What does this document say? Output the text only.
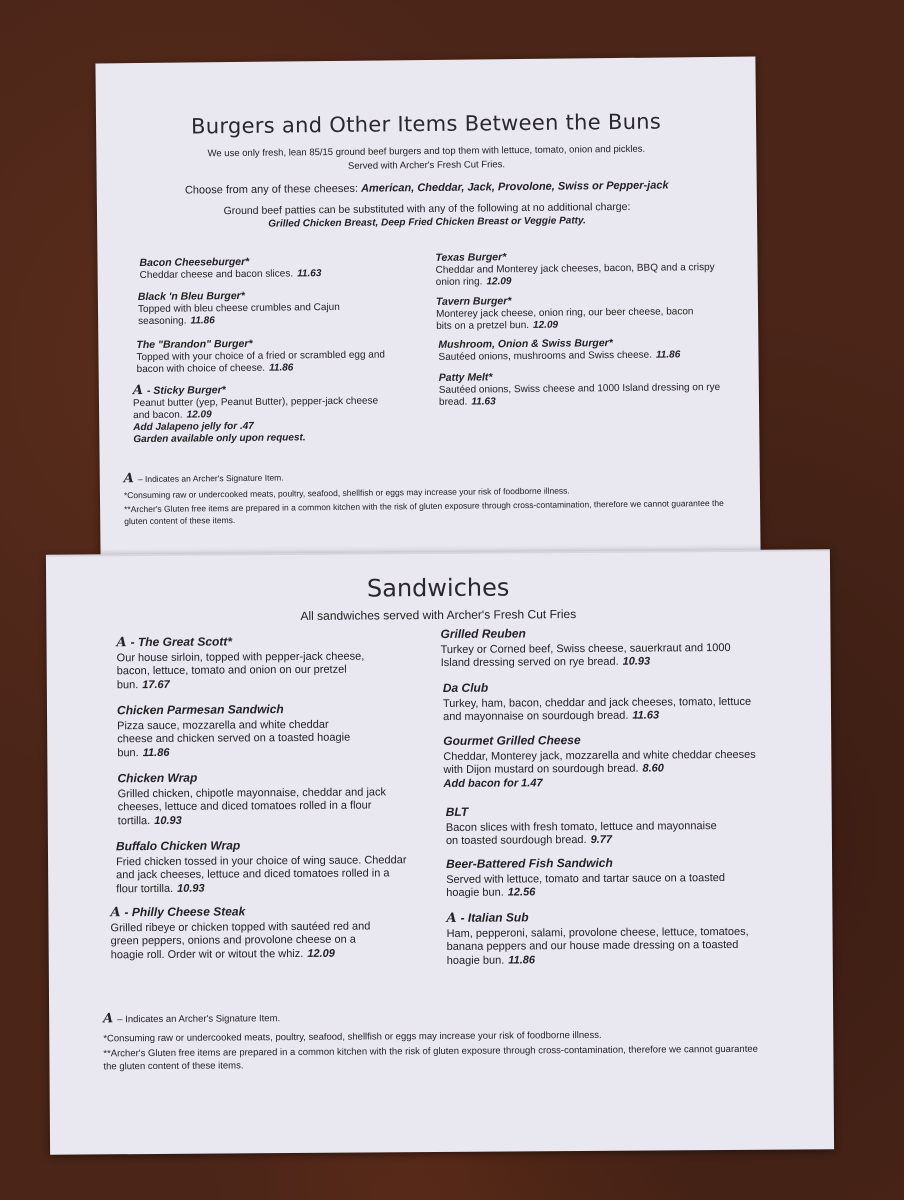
Burgers and Other Items Between the Buns
We use only fresh, lean 85/15 ground beef burgers and top them with lettuce, tomato, onion and pickles.
Served with Archer's Fresh Cut Fries.
Choose from any of these cheeses: American, Cheddar, Jack, Provolone, Swiss or Pepper-jack
Ground beef patties can be substituted with any of the following at no additional charge:
Grilled Chicken Breast, Deep Fried Chicken Breast or Veggie Patty.
Bacon Cheeseburger*
Cheddar cheese and bacon slices. 11.63
Black 'n Bleu Burger*
Topped with bleu cheese crumbles and Cajun seasoning. 11.86
The "Brandon" Burger*
Topped with your choice of a fried or scrambled egg and bacon with choice of cheese. 11.86
A - Sticky Burger*
Peanut butter (yep, Peanut Butter), pepper-jack cheese and bacon. 12.09
Add Jalapeno jelly for .47
Garden available only upon request.
Texas Burger*
Cheddar and Monterey jack cheeses, bacon, BBQ and a crispy onion ring. 12.09
Tavern Burger*
Monterey jack cheese, onion ring, our beer cheese, bacon bits on a pretzel bun. 12.09
Mushroom, Onion & Swiss Burger*
Sautéed onions, mushrooms and Swiss cheese. 11.86
Patty Melt*
Sautéed onions, Swiss cheese and 1000 Island dressing on rye bread. 11.63
A – Indicates an Archer's Signature Item.
*Consuming raw or undercooked meats, poultry, seafood, shellfish or eggs may increase your risk of foodborne illness.
**Archer's Gluten free items are prepared in a common kitchen with the risk of gluten exposure through cross-contamination, therefore we cannot guarantee the gluten content of these items.
Sandwiches
All sandwiches served with Archer's Fresh Cut Fries
A - The Great Scott*
Our house sirloin, topped with pepper-jack cheese, bacon, lettuce, tomato and onion on our pretzel bun. 17.67
Chicken Parmesan Sandwich
Pizza sauce, mozzarella and white cheddar cheese and chicken served on a toasted hoagie bun. 11.86
Chicken Wrap
Grilled chicken, chipotle mayonnaise, cheddar and jack cheeses, lettuce and diced tomatoes rolled in a flour tortilla. 10.93
Buffalo Chicken Wrap
Fried chicken tossed in your choice of wing sauce. Cheddar and jack cheeses, lettuce and diced tomatoes rolled in a flour tortilla. 10.93
A - Philly Cheese Steak
Grilled ribeye or chicken topped with sautéed red and green peppers, onions and provolone cheese on a hoagie roll. Order wit or witout the whiz. 12.09
Grilled Reuben
Turkey or Corned beef, Swiss cheese, sauerkraut and 1000 Island dressing served on rye bread. 10.93
Da Club
Turkey, ham, bacon, cheddar and jack cheeses, tomato, lettuce and mayonnaise on sourdough bread. 11.63
Gourmet Grilled Cheese
Cheddar, Monterey jack, mozzarella and white cheddar cheeses with Dijon mustard on sourdough bread. 8.60
Add bacon for 1.47
BLT
Bacon slices with fresh tomato, lettuce and mayonnaise on toasted sourdough bread. 9.77
Beer-Battered Fish Sandwich
Served with lettuce, tomato and tartar sauce on a toasted hoagie bun. 12.56
A - Italian Sub
Ham, pepperoni, salami, provolone cheese, lettuce, tomatoes, banana peppers and our house made dressing on a toasted hoagie bun. 11.86
A – Indicates an Archer's Signature Item.
*Consuming raw or undercooked meats, poultry, seafood, shellfish or eggs may increase your risk of foodborne illness.
**Archer's Gluten free items are prepared in a common kitchen with the risk of gluten exposure through cross-contamination, therefore we cannot guarantee the gluten content of these items.
